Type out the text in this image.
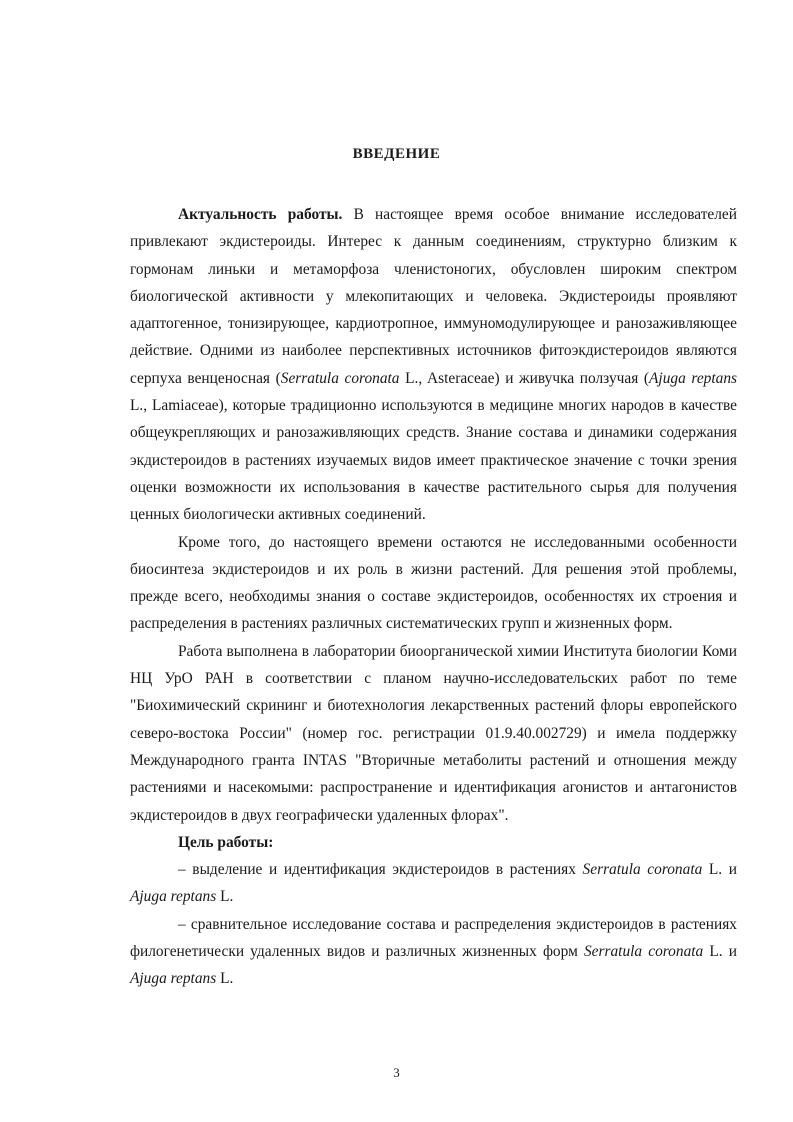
ВВЕДЕНИЕ

Актуальность работы. В настоящее время особое внимание исследователей привлекают экдистероиды. Интерес к данным соединениям, структурно близким к гормонам линьки и метаморфоза членистоногих, обусловлен широким спектром биологической активности у млекопитающих и человека. Экдистероиды проявляют адаптогенное, тонизирующее, кардиотропное, иммуномодулирующее и ранозаживляющее действие. Одними из наиболее перспективных источников фитоэкдистероидов являются серпуха венценосная (Serratula coronata L., Asteraceae) и живучка ползучая (Ajuga reptans L., Lamiaceae), которые традиционно используются в медицине многих народов в качестве общеукрепляющих и ранозаживляющих средств. Знание состава и динамики содержания экдистероидов в растениях изучаемых видов имеет практическое значение с точки зрения оценки возможности их использования в качестве растительного сырья для получения ценных биологически активных соединений.

Кроме того, до настоящего времени остаются не исследованными особенности биосинтеза экдистероидов и их роль в жизни растений. Для решения этой проблемы, прежде всего, необходимы знания о составе экдистероидов, особенностях их строения и распределения в растениях различных систематических групп и жизненных форм.

Работа выполнена в лаборатории биоорганической химии Института биологии Коми НЦ УрО РАН в соответствии с планом научно-исследовательских работ по теме "Биохимический скрининг и биотехнология лекарственных растений флоры европейского северо-востока России" (номер гос. регистрации 01.9.40.002729) и имела поддержку Международного гранта INTAS "Вторичные метаболиты растений и отношения между растениями и насекомыми: распространение и идентификация агонистов и антагонистов экдистероидов в двух географически удаленных флорах".

Цель работы:

– выделение и идентификация экдистероидов в растениях Serratula coronata L. и Ajuga reptans L.

– сравнительное исследование состава и распределения экдистероидов в растениях филогенетически удаленных видов и различных жизненных форм Serratula coronata L. и Ajuga reptans L.

3
